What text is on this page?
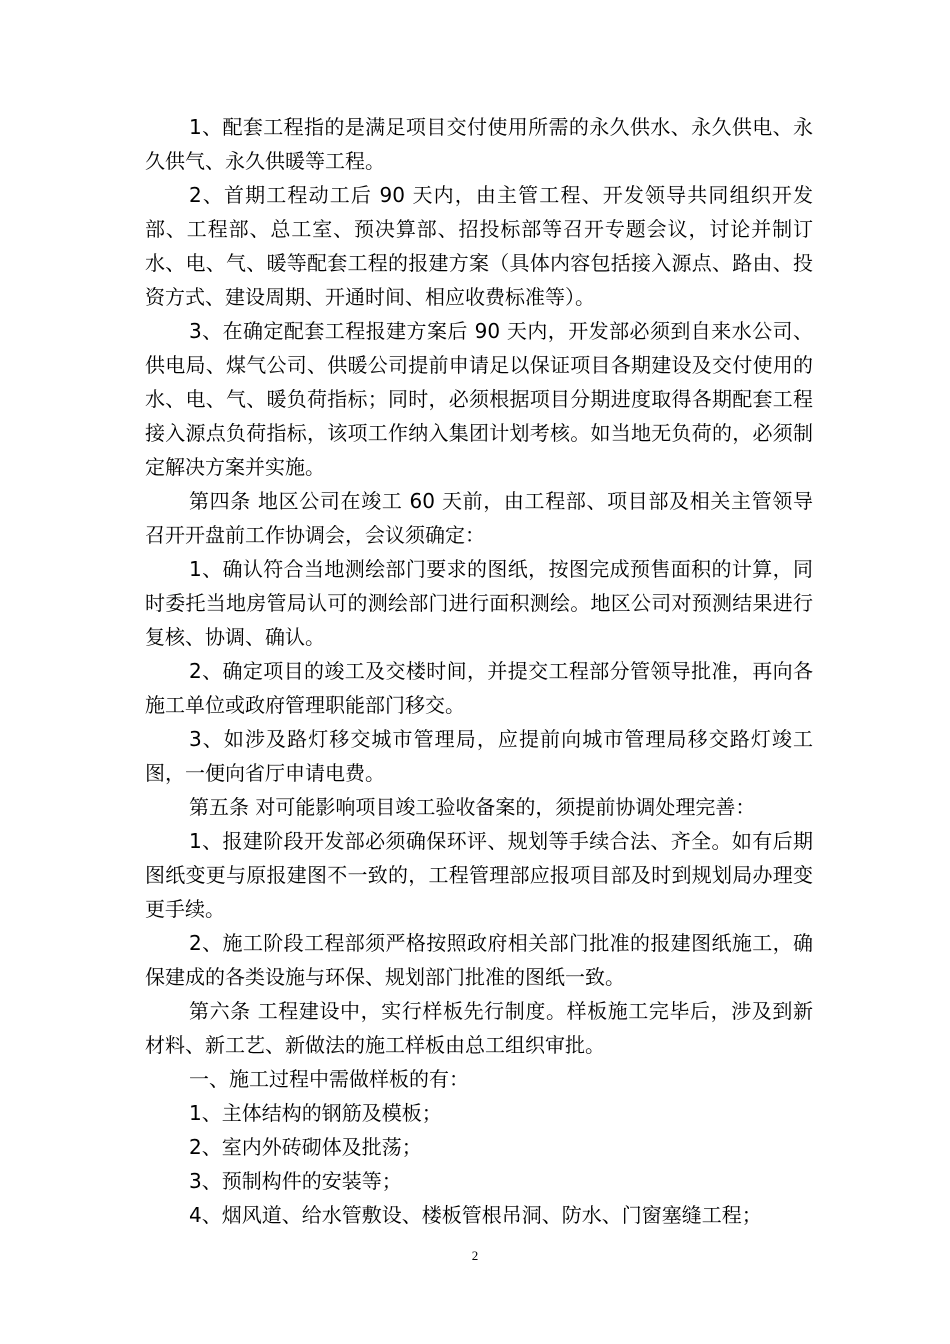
1、配套工程指的是满足项目交付使用所需的永久供水、永久供电、永久供气、永久供暖等工程。

2、首期工程动工后 90 天内，由主管工程、开发领导共同组织开发部、工程部、总工室、预决算部、招投标部等召开专题会议，讨论并制订水、电、气、暖等配套工程的报建方案（具体内容包括接入源点、路由、投资方式、建设周期、开通时间、相应收费标准等）。

3、在确定配套工程报建方案后 90 天内，开发部必须到自来水公司、供电局、煤气公司、供暖公司提前申请足以保证项目各期建设及交付使用的水、电、气、暖负荷指标；同时，必须根据项目分期进度取得各期配套工程接入源点负荷指标，该项工作纳入集团计划考核。如当地无负荷的，必须制定解决方案并实施。

第四条 地区公司在竣工 60 天前，由工程部、项目部及相关主管领导召开开盘前工作协调会，会议须确定：

1、确认符合当地测绘部门要求的图纸，按图完成预售面积的计算，同时委托当地房管局认可的测绘部门进行面积测绘。地区公司对预测结果进行复核、协调、确认。

2、确定项目的竣工及交楼时间，并提交工程部分管领导批准，再向各施工单位或政府管理职能部门移交。

3、如涉及路灯移交城市管理局，应提前向城市管理局移交路灯竣工图，一便向省厅申请电费。

第五条 对可能影响项目竣工验收备案的，须提前协调处理完善：

1、报建阶段开发部必须确保环评、规划等手续合法、齐全。如有后期图纸变更与原报建图不一致的，工程管理部应报项目部及时到规划局办理变更手续。

2、施工阶段工程部须严格按照政府相关部门批准的报建图纸施工，确保建成的各类设施与环保、规划部门批准的图纸一致。

第六条 工程建设中，实行样板先行制度。样板施工完毕后，涉及到新材料、新工艺、新做法的施工样板由总工组织审批。

一、施工过程中需做样板的有：

1、主体结构的钢筋及模板；

2、室内外砖砌体及批荡；

3、预制构件的安装等；

4、烟风道、给水管敷设、楼板管根吊洞、防水、门窗塞缝工程；

2
